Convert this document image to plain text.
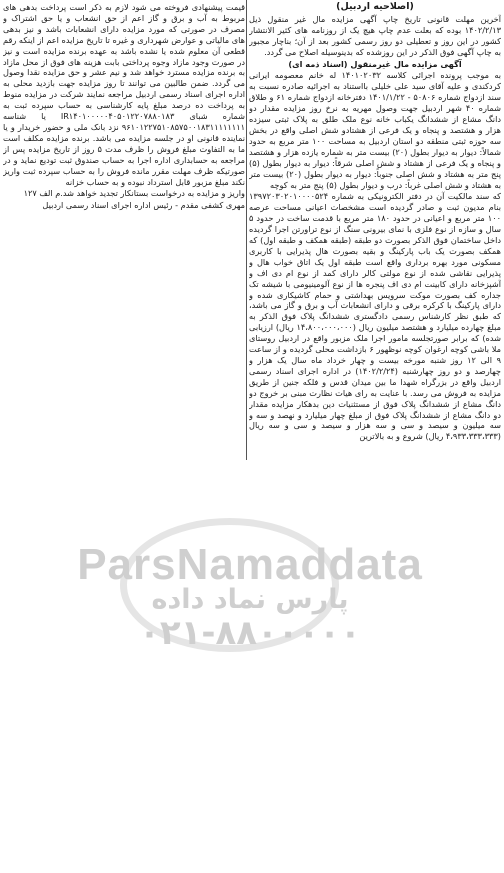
(اصلاحیه اردبیل)

آخرین مهلت قانونی تاریخ چاپ آگهی مزایده مال غیر منقول ذیل ۱۴۰۲/۲/۱۳ بوده که بعلت عدم چاپ هیچ یک از روزنامه های کثیر الانتشار کشور در این روز و تعطیلی دو روز رسمی کشور بعد از آن؛ بناچار مجبور به چاپ آگهی فوق الذکر در این روزشده که بدینوسیله اصلاح می گردد.

آگهی مزایده مال غیرمنقول (اسناد ذمه ای)

به موجب پرونده اجرائی کلاسه ۱۴۰۱۰۲۰۳۲ له خانم معصومه ایرانی کردکندی و علیه آقای سید علی خلیلی بااستناد به اجرائیه صادره نسبت به سند ازدواج شماره ۵۰۸۰۶ - ۱۴۰۱/۱/۲۲ دفترخانه ازدواج شماره ۶۱ و طلاق شماره ۴۰ شهر اردبیل جهت وصول مهریه به نرخ روز مزایده مقدار دو دانگ مشاع از ششدانگ یکباب خانه نوع ملک طلق به پلاک ثبتی سیزده هزار و هشتصد و پنجاه و یک فرعی از هشتادو شش اصلی واقع در بخش سه حوزه ثبتی منطقه دو استان اردبیل به مساحت ۱۰۰ متر مربع به حدود شمالاً: دیوار به دیوار بطول (۲۰) بیست متر به شماره یازده هزار و هشتصد و پنجاه و یک فرعی از هشتاد و شش اصلی شرقاً: دیوار به دیوار بطول (۵) پنج متر به هشتاد و شش اصلی جنوباً: دیوار به دیوار بطول (۲۰) بیست متر به هشتاد و شش اصلی غرباً: درب و دیوار بطول (۵) پنج متر به کوچه

که سند مالکیت آن در دفتر الکترونیکی به شماره ۱۳۹۷۲۰۳۰۲۰۱۰۰۰۰۵۲۴ بنام مدیون ثبت و صادر گردیده است مشخصات اعیانی مساحت عرصه ۱۰۰ متر مربع و اعیانی در حدود ۱۸۰ متر مربع با قدمت ساخت در حدود ۵ سال و سازه از نوع فلزی با نمای بیرونی سنگ از نوع تراورتن اجرا گردیده داخل ساختمان فوق الذکر بصورت دو طبقه (طبقه همکف و طبقه اول) که همکف بصورت یک باب پارکینگ و بقیه بصورت هال پذیرایی با کاربری مسکونی مورد بهره برداری واقع است طبقه اول یک اتاق خواب هال و پذیرایی نقاشی شده از نوع مولتی کالر دارای کمد از نوع ام دی اف و آشپزخانه دارای کابینت ام دی اف پنجره ها از نوع آلومینیومی با شیشه تک جداره کف بصورت موکت سرویس بهداشتی و حمام کاشیکاری شده و دارای پارکینگ با کرکره برقی و دارای انشعابات آب و برق و گاز می باشد، که طبق نظر کارشناس رسمی دادگستری ششدانگ پلاک فوق الذکر به مبلغ چهارده میلیارد و هشتصد میلیون ریال (۱۴،۸۰۰،۰۰۰،۰۰۰ ریال) ارزیابی شده) که برابر صورتجلسه مامور اجرا ملک مزبور واقع در اردبیل روستای ملا باشی کوچه ارغوان کوچه نوظهور ۶ بازداشت محلی گردیده و از ساعت ۹ الی ۱۲ روز شنبه مورخه بیست و چهار خرداد ماه سال یک هزار و چهارصد و دو روز چهارشنبه (۱۴۰۲/۲/۲۴) در اداره اجرای اسناد رسمی اردبیل واقع در بزرگراه شهدا ما بین میدان قدس و فلکه جنین از طریق مزایده به فروش می رسد. با عنایت به رای هیات نظارت مبنی بر خروج دو دانگ مشاع از ششدانگ پلاک فوق از مستثنیات دین بدهکار مزایده مقدار دو دانگ مشاع از ششدانگ پلاک فوق از مبلغ چهار میلیارد و نهصد و سه و سه میلیون و سیصد و سی و سه هزار و سیصد و سی و سه ریال (۴،۹۳۳،۳۳۳،۳۳۳ ریال) شروع و به بالاترین

قیمت پیشنهادی فروخته می شود لازم به ذکر است پرداخت بدهی های مربوط به آب و برق و گاز اعم از حق انشعاب و یا حق اشتراک و مصرف در صورتی که مورد مزایده دارای انشعابات باشد و نیز بدهی های مالیاتی و عوارض شهرداری و غیره تا تاریخ مزایده اعم از اینکه رقم قطعی آن معلوم شده یا نشده باشد به عهده برنده مزایده است و نیز در صورت وجود مازاد وجوه پرداختی بابت هزینه های فوق از محل مازاد به برنده مزایده مسترد خواهد شد و نیم عشر و حق مزایده نقدا وصول می گردد. ضمن طالبین می توانند تا روز مزایده جهت بازدید محلی به اداره اجرای اسناد رسمی اردبیل مراجعه نمایند شرکت در مزایده منوط به پرداخت ده درصد مبلغ پایه کارشناسی به حساب سپرده ثبت به شماره شبای IR۱۴۰۱۰۰۰۰۰۴۰۵۰۱۲۲۰۷۸۸۰۱۸۳ یا شناسه ۹۶۱۰۱۲۲۷۵۱۰۸۵۷۵۰۰۱۸۳۱۱۱۱۱۱۱۱ نزد بانک ملی و حضور خریدار و یا نماینده قانونی او در جلسه مزایده می باشد. برنده مزایده مکلف است ما به التفاوت مبلغ فروش را ظرف مدت ۵ روز از تاریخ مزایده پس از مراجعه به حسابداری اداره اجرا به حساب صندوق ثبت تودیع نماید و در صورتیکه ظرف مهلت مقرر مانده فروش را به حساب سپرده ثبت واریز نکند مبلغ مزبور قابل استرداد نبوده و به حساب خزانه

واریز و مزایده به درخواست بستانکار تجدید خواهد شد.م الف ۱۲۷

مهری کشفی مقدم - رئیس اداره اجرای اسناد رسمی اردبیل

ParsNamaddata
پارس نماد داده
۰۲۱-۸۸۰۰۰۰۰
